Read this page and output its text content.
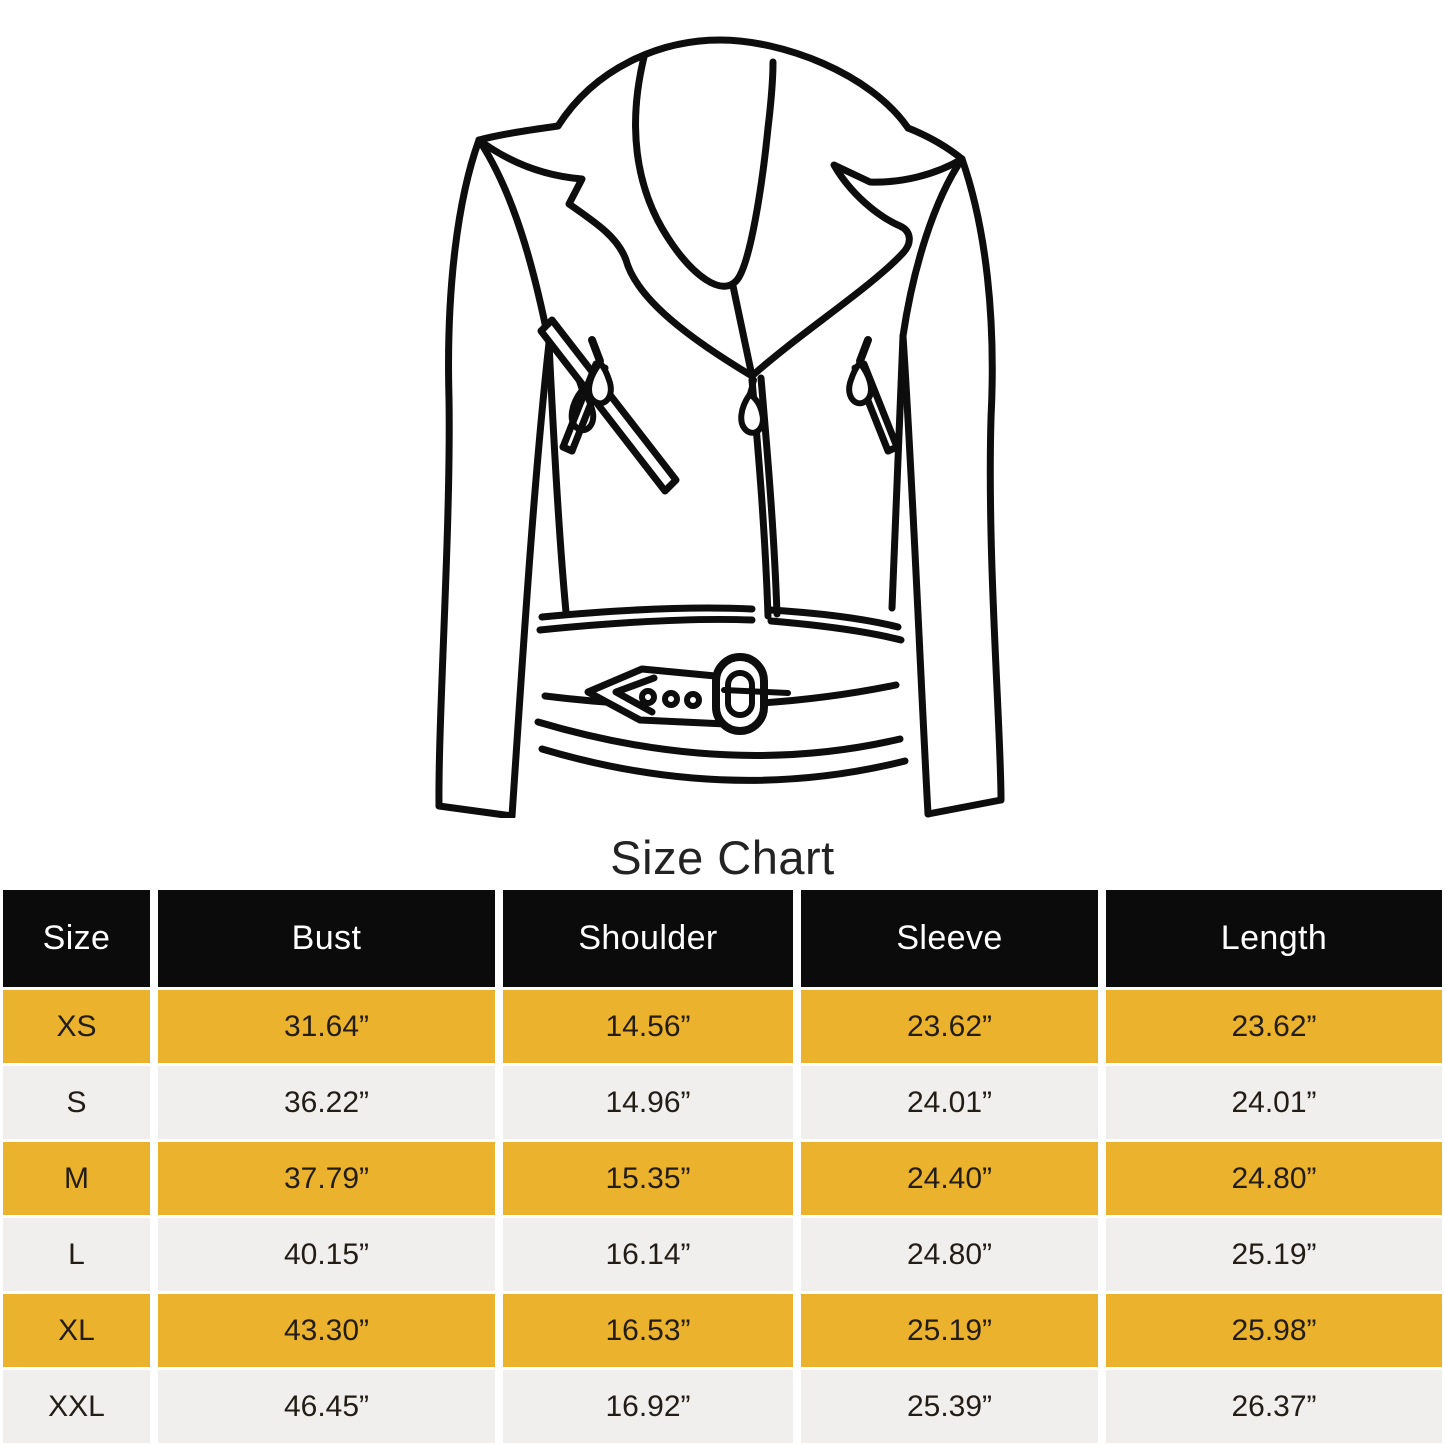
Size Chart
Size	Bust	Shoulder	Sleeve	Length
XS	31.64”	14.56”	23.62”	23.62”
S	36.22”	14.96”	24.01”	24.01”
M	37.79”	15.35”	24.40”	24.80”
L	40.15”	16.14”	24.80”	25.19”
XL	43.30”	16.53”	25.19”	25.98”
XXL	46.45”	16.92”	25.39”	26.37”
